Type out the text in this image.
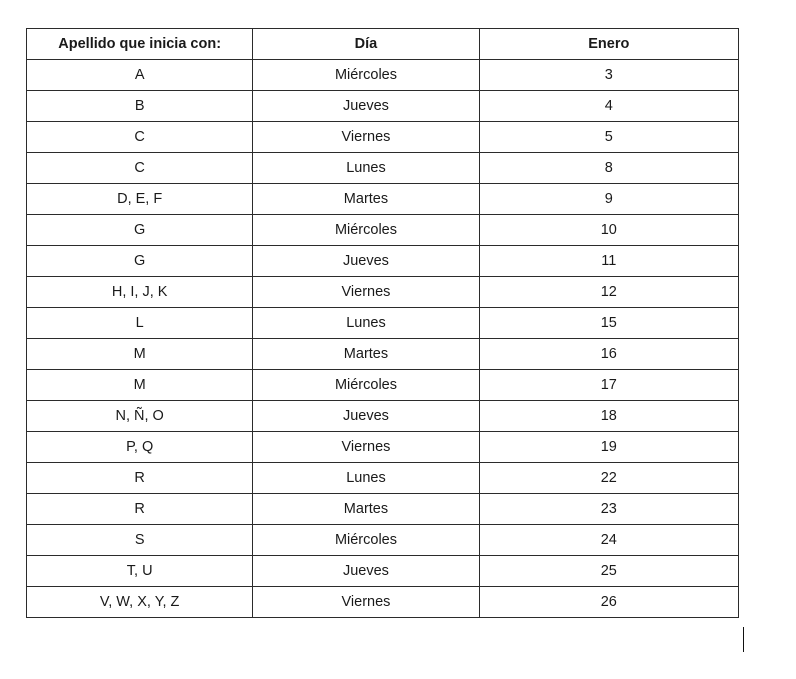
Apellido que inicia con:	Día	Enero
A	Miércoles	3
B	Jueves	4
C	Viernes	5
C	Lunes	8
D, E, F	Martes	9
G	Miércoles	10
G	Jueves	11
H, I, J, K	Viernes	12
L	Lunes	15
M	Martes	16
M	Miércoles	17
N, Ñ, O	Jueves	18
P, Q	Viernes	19
R	Lunes	22
R	Martes	23
S	Miércoles	24
T, U	Jueves	25
V, W, X, Y, Z	Viernes	26
